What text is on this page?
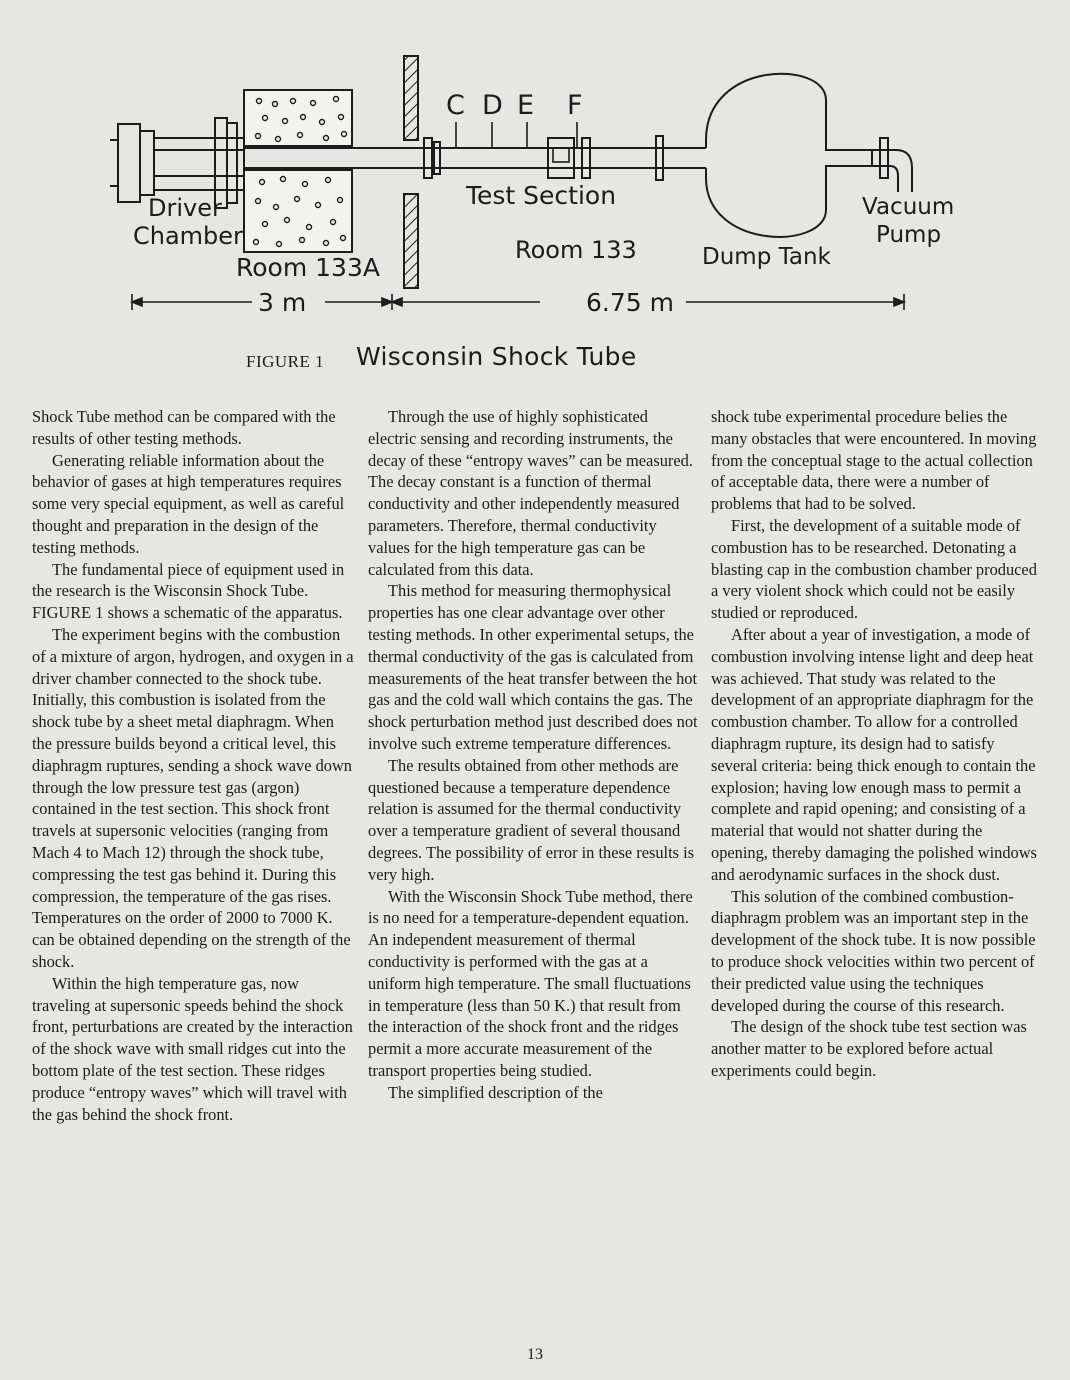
C D E F
Driver
Chamber
Room 133A
Test Section
Room 133	Dump Tank
Vacuum
Pump
3 m	6.75 m
FIGURE 1 Wisconsin Shock Tube

Shock Tube method can be compared with the results of other testing methods.

Generating reliable information about the behavior of gases at high temperatures requires some very special equipment, as well as careful thought and preparation in the design of the testing methods.

The fundamental piece of equipment used in the research is the Wisconsin Shock Tube. FIGURE 1 shows a schematic of the apparatus.

The experiment begins with the combustion of a mixture of argon, hydrogen, and oxygen in a driver chamber connected to the shock tube. Initially, this combustion is isolated from the shock tube by a sheet metal diaphragm. When the pressure builds beyond a critical level, this diaphragm ruptures, sending a shock wave down through the low pressure test gas (argon) contained in the test section. This shock front travels at supersonic velocities (ranging from Mach 4 to Mach 12) through the shock tube, compressing the test gas behind it. During this compression, the temperature of the gas rises. Temperatures on the order of 2000 to 7000 K. can be obtained depending on the strength of the shock.

Within the high temperature gas, now traveling at supersonic speeds behind the shock front, perturbations are created by the interaction of the shock wave with small ridges cut into the bottom plate of the test section. These ridges produce “entropy waves” which will travel with the gas behind the shock front.

Through the use of highly sophisticated electric sensing and recording instruments, the decay of these “entropy waves” can be measured. The decay constant is a function of thermal conductivity and other independently measured parameters. Therefore, thermal conductivity values for the high temperature gas can be calculated from this data.

This method for measuring thermophysical properties has one clear advantage over other testing methods. In other experimental setups, the thermal conductivity of the gas is calculated from measurements of the heat transfer between the hot gas and the cold wall which contains the gas. The shock perturbation method just described does not involve such extreme temperature differences.

The results obtained from other methods are questioned because a temperature dependence relation is assumed for the thermal conductivity over a temperature gradient of several thousand degrees. The possibility of error in these results is very high.

With the Wisconsin Shock Tube method, there is no need for a temperature-dependent equation. An independent measurement of thermal conductivity is performed with the gas at a uniform high temperature. The small fluctuations in temperature (less than 50 K.) that result from the interaction of the shock front and the ridges permit a more accurate measurement of the transport properties being studied.

The simplified description of the

shock tube experimental procedure belies the many obstacles that were encountered. In moving from the conceptual stage to the actual collection of acceptable data, there were a number of problems that had to be solved.

First, the development of a suitable mode of combustion has to be researched. Detonating a blasting cap in the combustion chamber produced a very violent shock which could not be easily studied or reproduced.

After about a year of investigation, a mode of combustion involving intense light and deep heat was achieved. That study was related to the development of an appropriate diaphragm for the combustion chamber. To allow for a controlled diaphragm rupture, its design had to satisfy several criteria: being thick enough to contain the explosion; having low enough mass to permit a complete and rapid opening; and consisting of a material that would not shatter during the opening, thereby damaging the polished windows and aerodynamic surfaces in the shock dust.

This solution of the combined combustion-diaphragm problem was an important step in the development of the shock tube. It is now possible to produce shock velocities within two percent of their predicted value using the techniques developed during the course of this research.

The design of the shock tube test section was another matter to be explored before actual experiments could begin.

13
